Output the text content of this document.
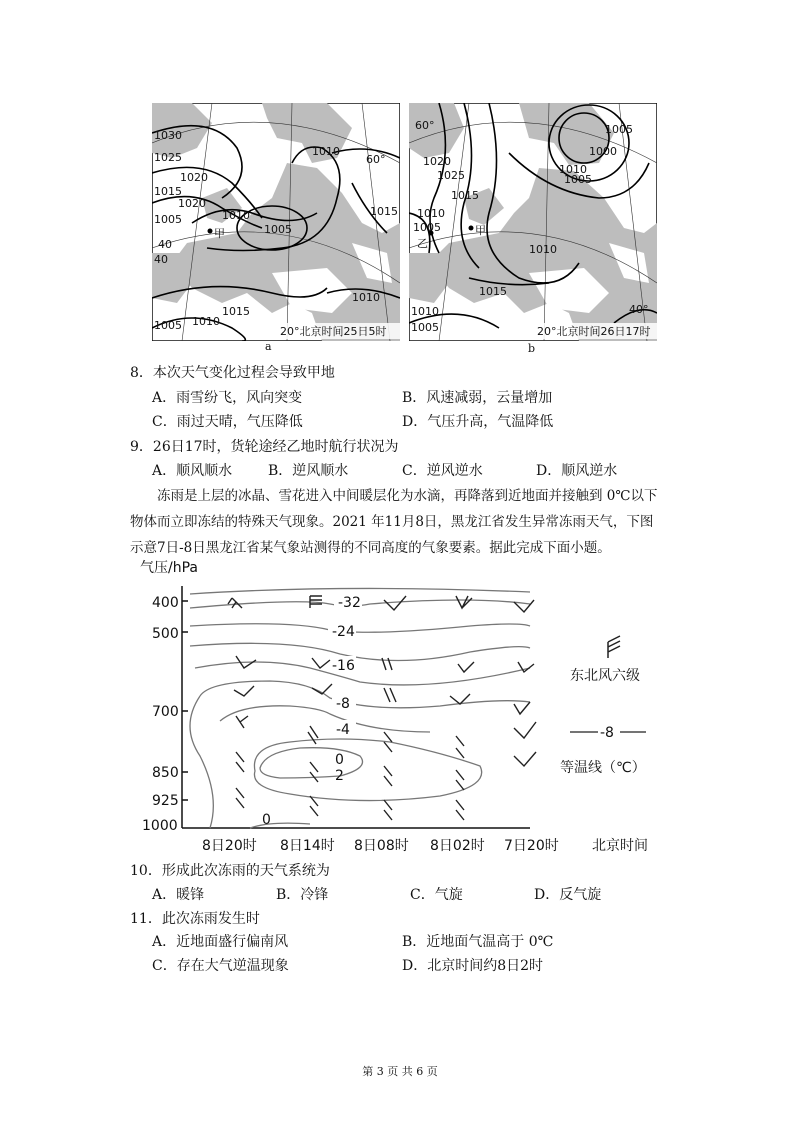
甲
1030
1025
1020
1015
1010
1005
1010
1015
1010
1005
1010
1015
1005
40
40
60°
1020
20°北京时间25日5时
a
甲
乙
1020
1025
1015
1010
1005
1010
1015
1000
1005
1010
1005
40°
60°	1005
1010
20°北京时间26日17时
b
8．本次天气变化过程会导致甲地
A．雨雪纷飞，风向突变	B．风速减弱，云量增加
C．雨过天晴，气压降低	D．气压升高，气温降低
9．26日17时，货轮途经乙地时航行状况为
A．顺风顺水	B．逆风顺水	C．逆风逆水	D．顺风逆水
冻雨是上层的冰晶、雪花进入中间暖层化为水滴，再降落到近地面并接触到 0℃以下物体而立即冻结的特殊天气现象。2021 年11月8日，黑龙江省发生异常冻雨天气，下图示意7日-8日黑龙江省某气象站测得的不同高度的气象要素。据此完成下面小题。
气压/hPa
400
500
700
850
925
1000
-32
-24
-16
-8
-4
0
2
0
8日20时 8日14时 8日08时 8日02时 7日20时 北京时间
东北风六级
-8
等温线（℃）
10．形成此次冻雨的天气系统为
A．暖锋	B．冷锋	C．气旋	D．反气旋
11．此次冻雨发生时
A．近地面盛行偏南风	B．近地面气温高于 0℃
C．存在大气逆温现象	D．北京时间约8日2时
第 3 页 共 6 页
